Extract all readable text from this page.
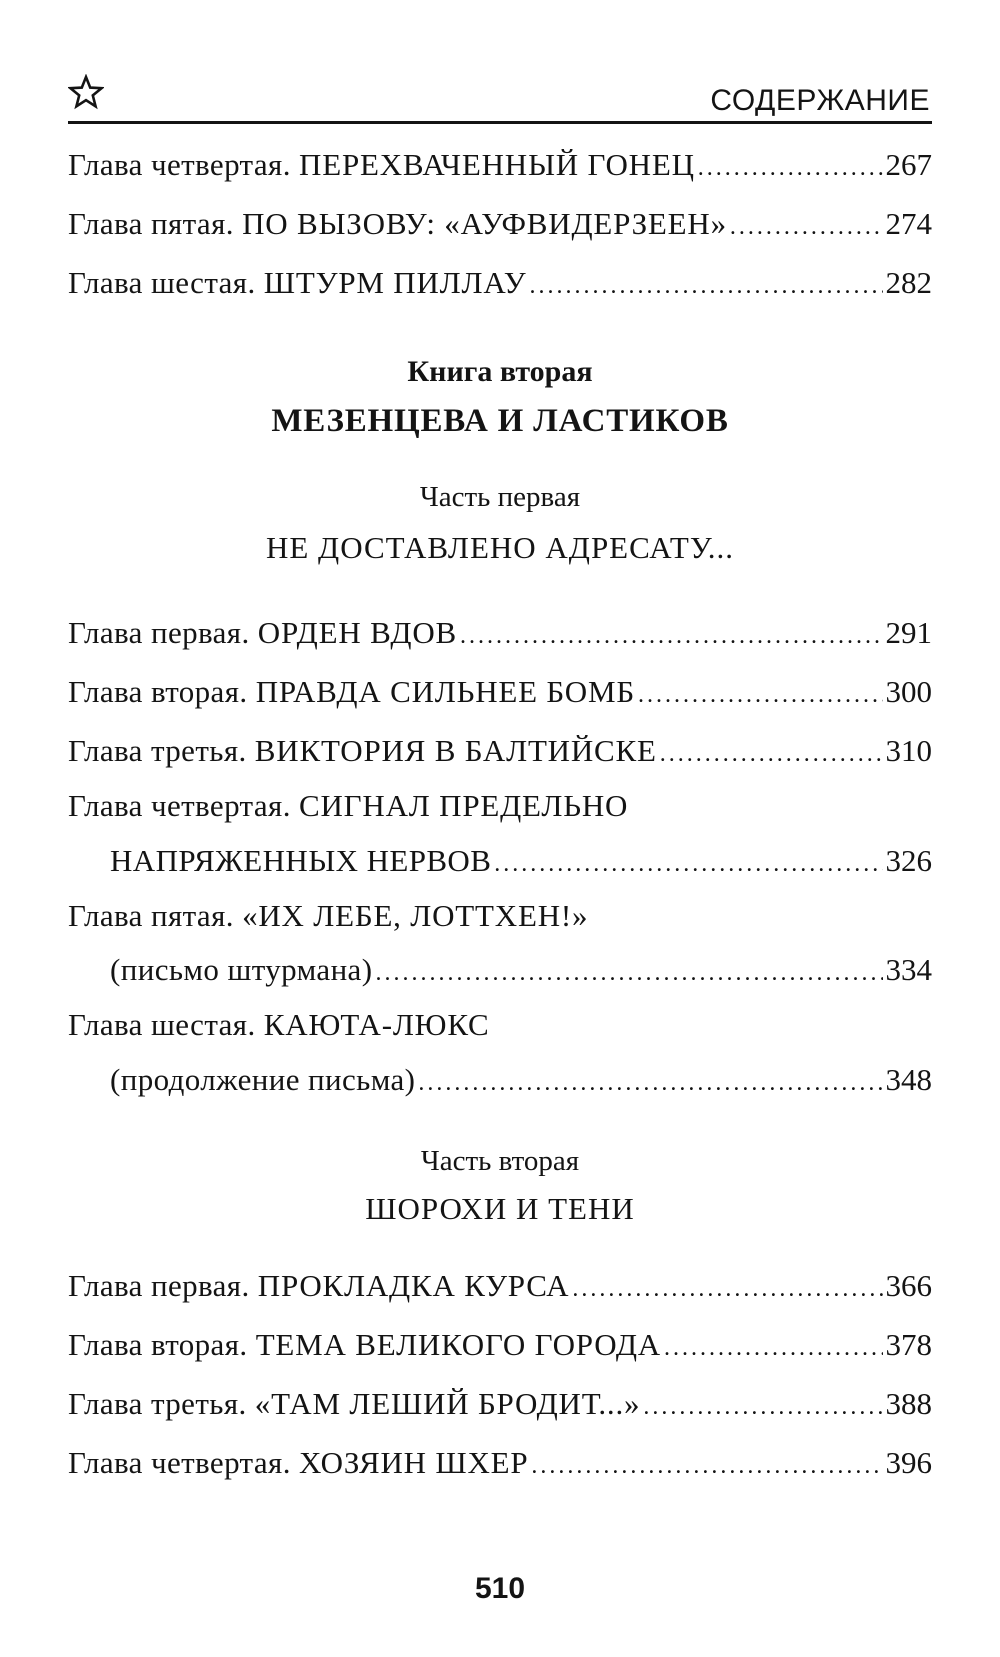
СОДЕРЖАНИЕ
Глава четвертая. ПЕРЕХВАЧЕННЫЙ ГОНЕЦ .....	267
Глава пятая. ПО ВЫЗОВУ: «АУФВИДЕРЗЕЕН» .....	274
Глава шестая. ШТУРМ ПИЛЛАУ .....	282
Книга вторая
МЕЗЕНЦЕВА И ЛАСТИКОВ
Часть первая
НЕ ДОСТАВЛЕНО АДРЕСАТУ...
Глава первая. ОРДЕН ВДОВ .....	291
Глава вторая. ПРАВДА СИЛЬНЕЕ БОМБ .....	300
Глава третья. ВИКТОРИЯ В БАЛТИЙСКЕ .....	310
Глава четвертая. СИГНАЛ ПРЕДЕЛЬНО
НАПРЯЖЕННЫХ НЕРВОВ .....	326
Глава пятая. «ИХ ЛЕБЕ, ЛОТТХЕН!»
(письмо штурмана) .....	334
Глава шестая. КАЮТА-ЛЮКС
(продолжение письма) .....	348
Часть вторая
ШОРОХИ И ТЕНИ
Глава первая. ПРОКЛАДКА КУРСА .....	366
Глава вторая. ТЕМА ВЕЛИКОГО ГОРОДА .....	378
Глава третья. «ТАМ ЛЕШИЙ БРОДИТ...» .....	388
Глава четвертая. ХОЗЯИН ШХЕР .....	396
510
